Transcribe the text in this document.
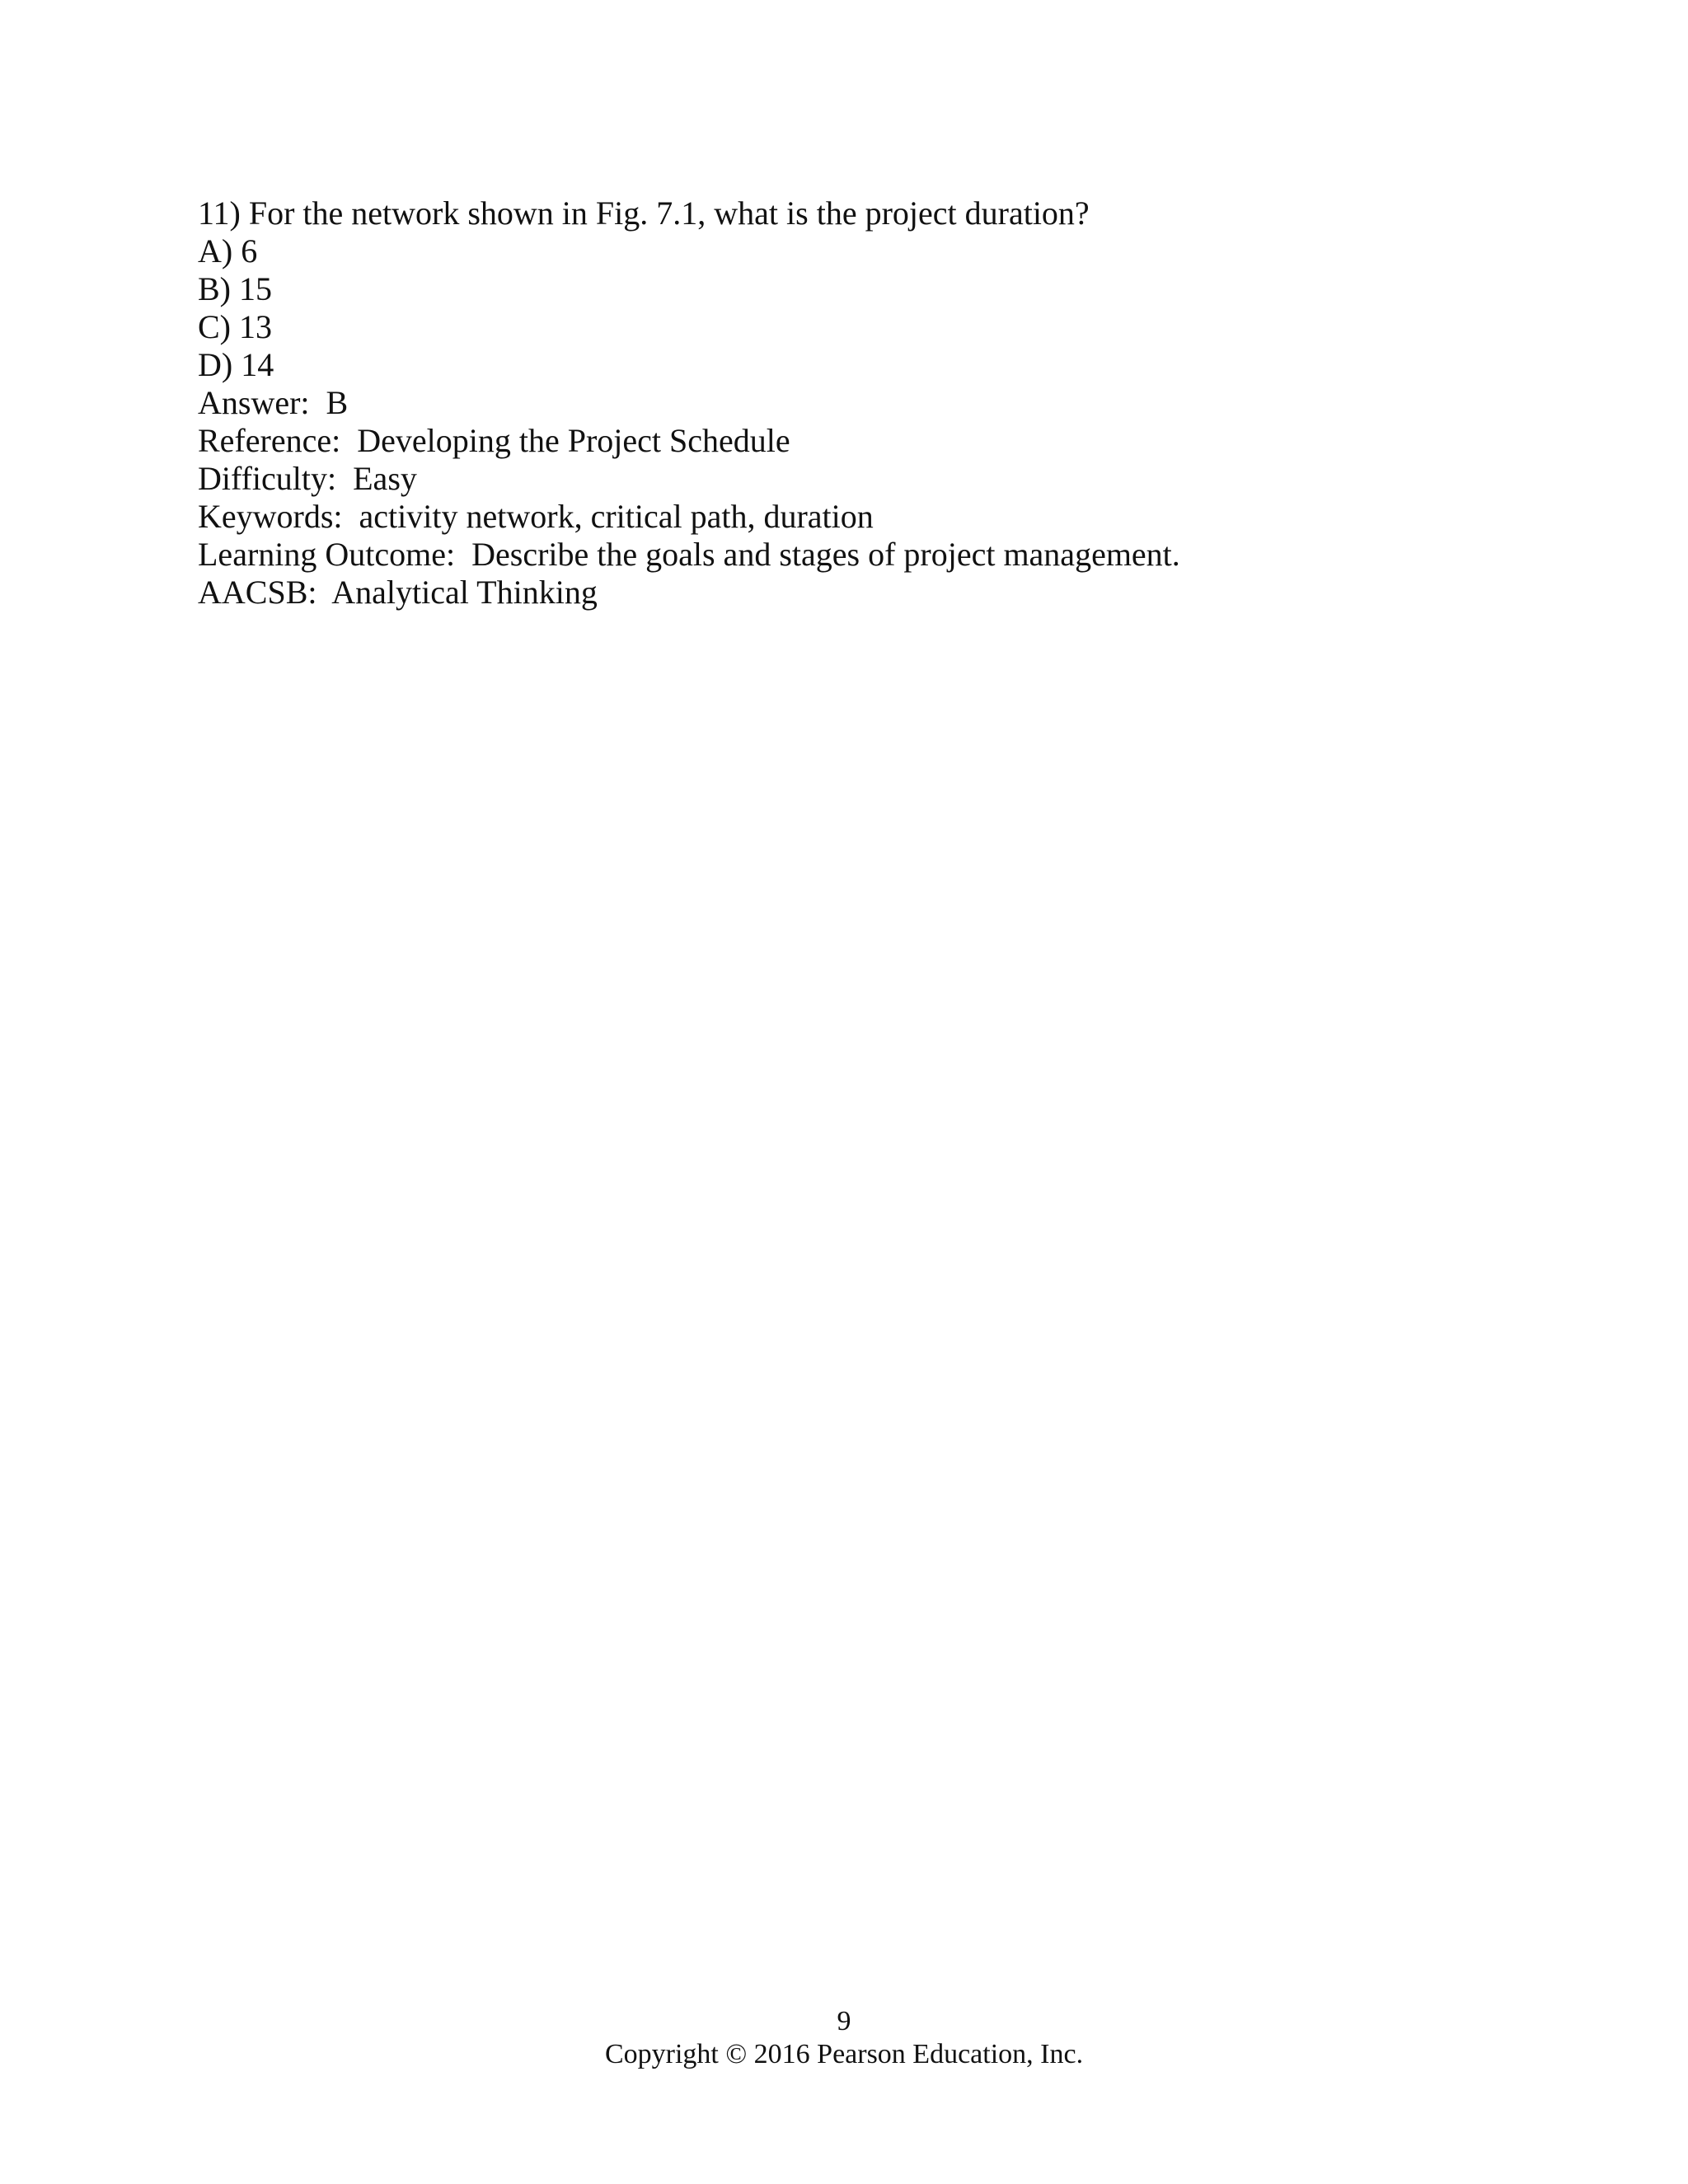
11) For the network shown in Fig. 7.1, what is the project duration?

A) 6

B) 15

C) 13

D) 14

Answer:  B

Reference:  Developing the Project Schedule

Difficulty:  Easy

Keywords:  activity network, critical path, duration

Learning Outcome:  Describe the goals and stages of project management.

AACSB:  Analytical Thinking

9
Copyright © 2016 Pearson Education, Inc.
